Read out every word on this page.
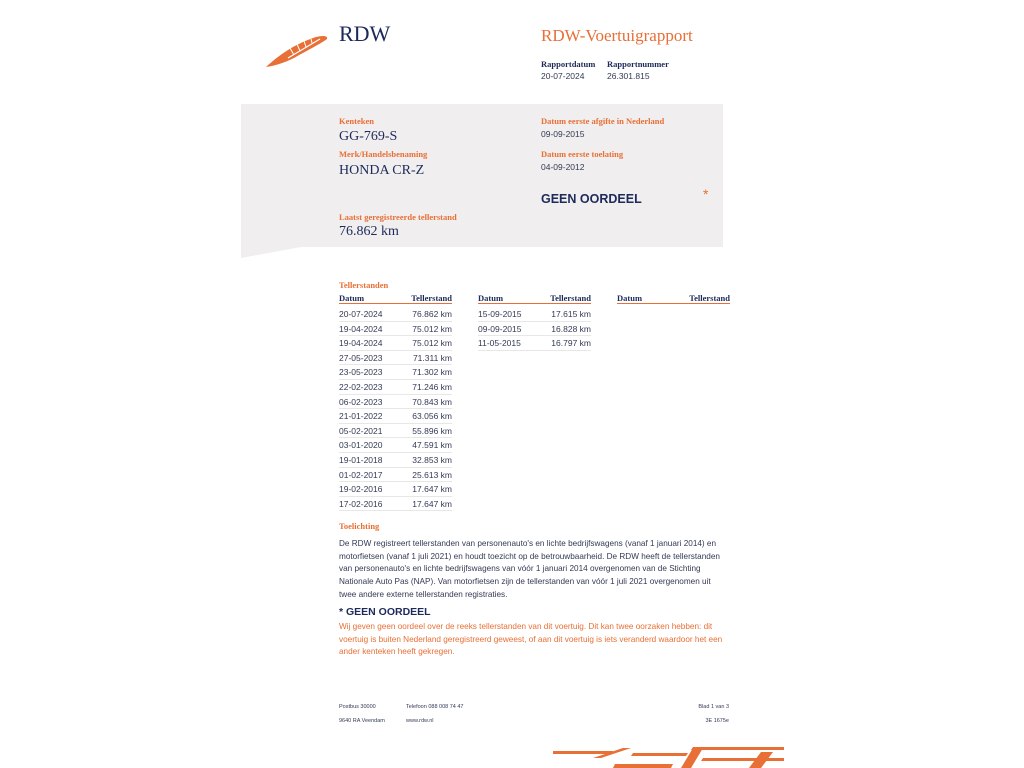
RDW	RDW-Voertuigrapport
Rapportdatum
20-07-2024
Rapportnummer
26.301.815
Kenteken
GG-769-S
Merk/Handelsbenaming
HONDA CR-Z
Laatst geregistreerde tellerstand
76.862 km
Datum eerste afgifte in Nederland
09-09-2015
Datum eerste toelating
04-09-2012
GEEN OORDEEL	*
Tellerstanden
Datum	Tellerstand	Datum	Tellerstand	Datum	Tellerstand
20-07-2024	76.862 km
19-04-2024	75.012 km
19-04-2024	75.012 km
27-05-2023	71.311 km
23-05-2023	71.302 km
22-02-2023	71.246 km
06-02-2023	70.843 km
21-01-2022	63.056 km
05-02-2021	55.896 km
03-01-2020	47.591 km
19-01-2018	32.853 km
01-02-2017	25.613 km
19-02-2016	17.647 km
17-02-2016	17.647 km
15-09-2015	17.615 km
09-09-2015	16.828 km
11-05-2015	16.797 km
Toelichting
De RDW registreert tellerstanden van personenauto's en lichte bedrijfswagens (vanaf 1 januari 2014) en
motorfietsen (vanaf 1 juli 2021) en houdt toezicht op de betrouwbaarheid. De RDW heeft de tellerstanden
van personenauto's en lichte bedrijfswagens van vóór 1 januari 2014 overgenomen van de Stichting
Nationale Auto Pas (NAP). Van motorfietsen zijn de tellerstanden van vóór 1 juli 2021 overgenomen uit
twee andere externe tellerstanden registraties.
* GEEN OORDEEL
Wij geven geen oordeel over de reeks tellerstanden van dit voertuig. Dit kan twee oorzaken hebben: dit
voertuig is buiten Nederland geregistreerd geweest, of aan dit voertuig is iets veranderd waardoor het een
ander kenteken heeft gekregen.
Postbus 30000
9640 RA Veendam
Telefoon 088 008 74 47
www.rdw.nl
Blad 1 van 3
3E 1675e
